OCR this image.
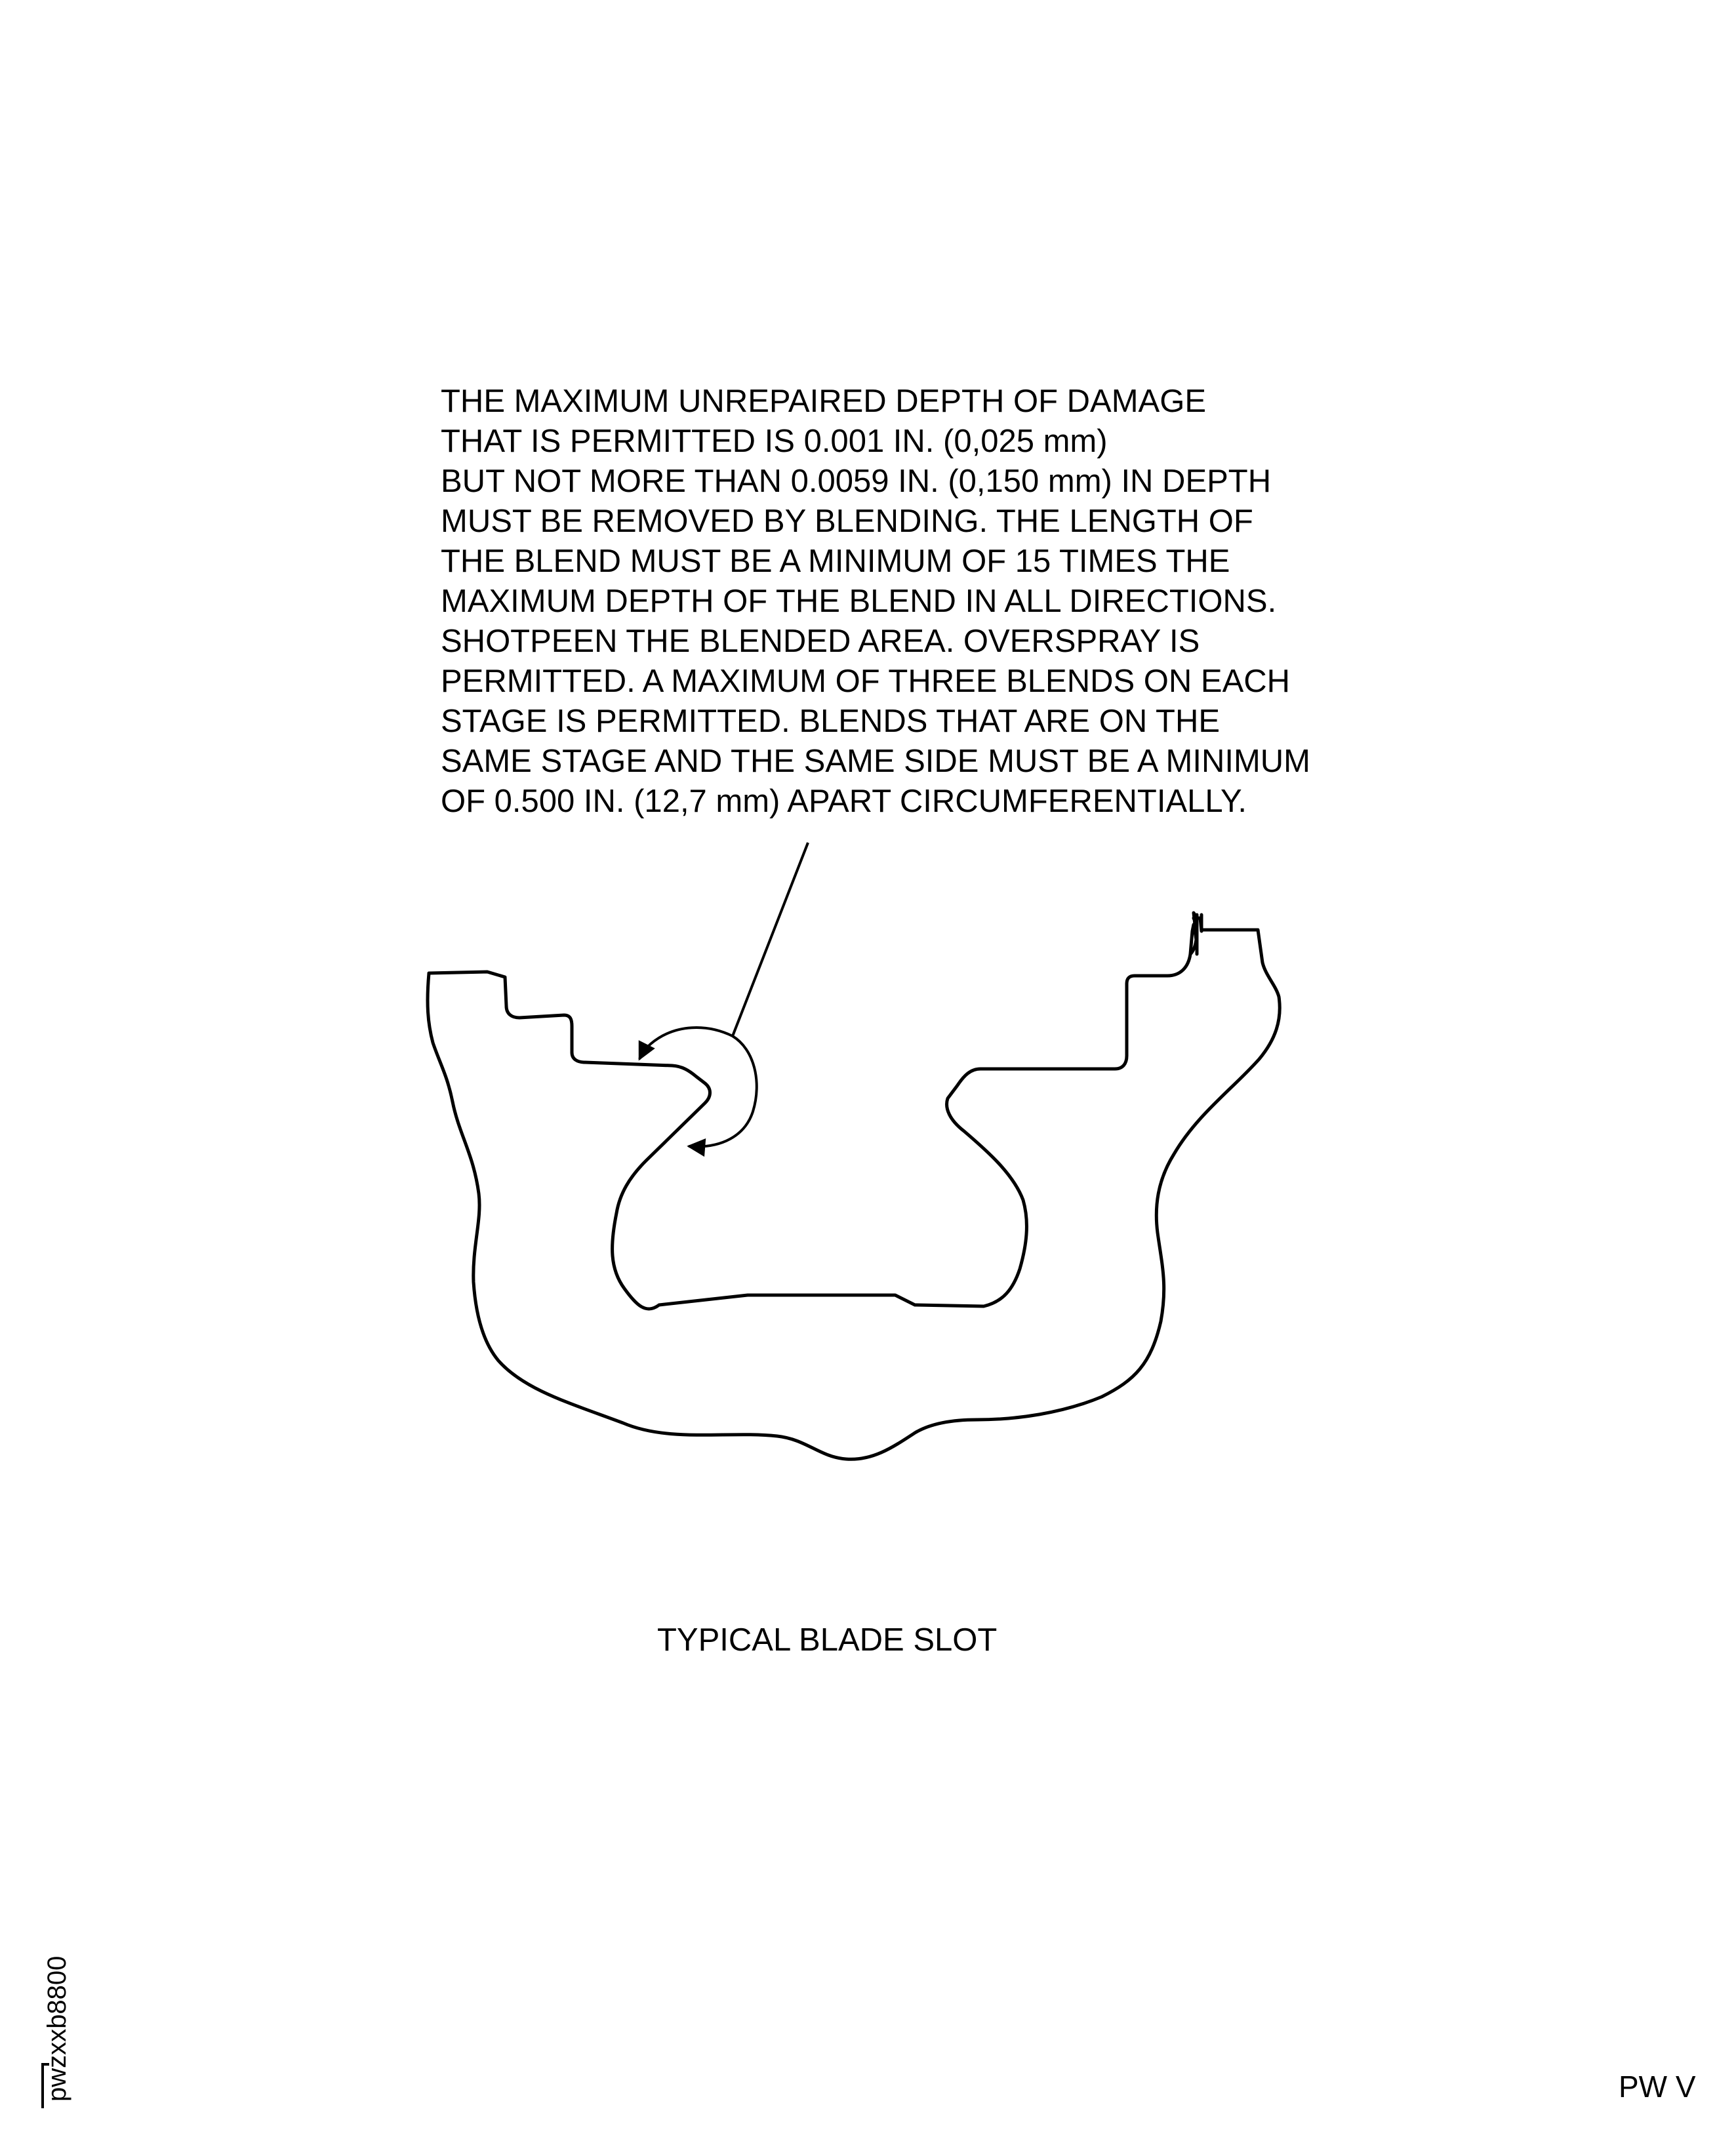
THE MAXIMUM UNREPAIRED DEPTH OF DAMAGE
THAT IS PERMITTED IS 0.001 IN. (0,025 mm)
BUT NOT MORE THAN 0.0059 IN. (0,150 mm) IN DEPTH
MUST BE REMOVED BY BLENDING. THE LENGTH OF
THE BLEND MUST BE A MINIMUM OF 15 TIMES THE
MAXIMUM DEPTH OF THE BLEND IN ALL DIRECTIONS.
SHOTPEEN THE BLENDED AREA. OVERSPRAY IS
PERMITTED. A MAXIMUM OF THREE BLENDS ON EACH
STAGE IS PERMITTED. BLENDS THAT ARE ON THE
SAME STAGE AND THE SAME SIDE MUST BE A MINIMUM
OF 0.500 IN. (12,7 mm) APART CIRCUMFERENTIALLY.
TYPICAL BLADE SLOT
pwzxxb8800	PW V
